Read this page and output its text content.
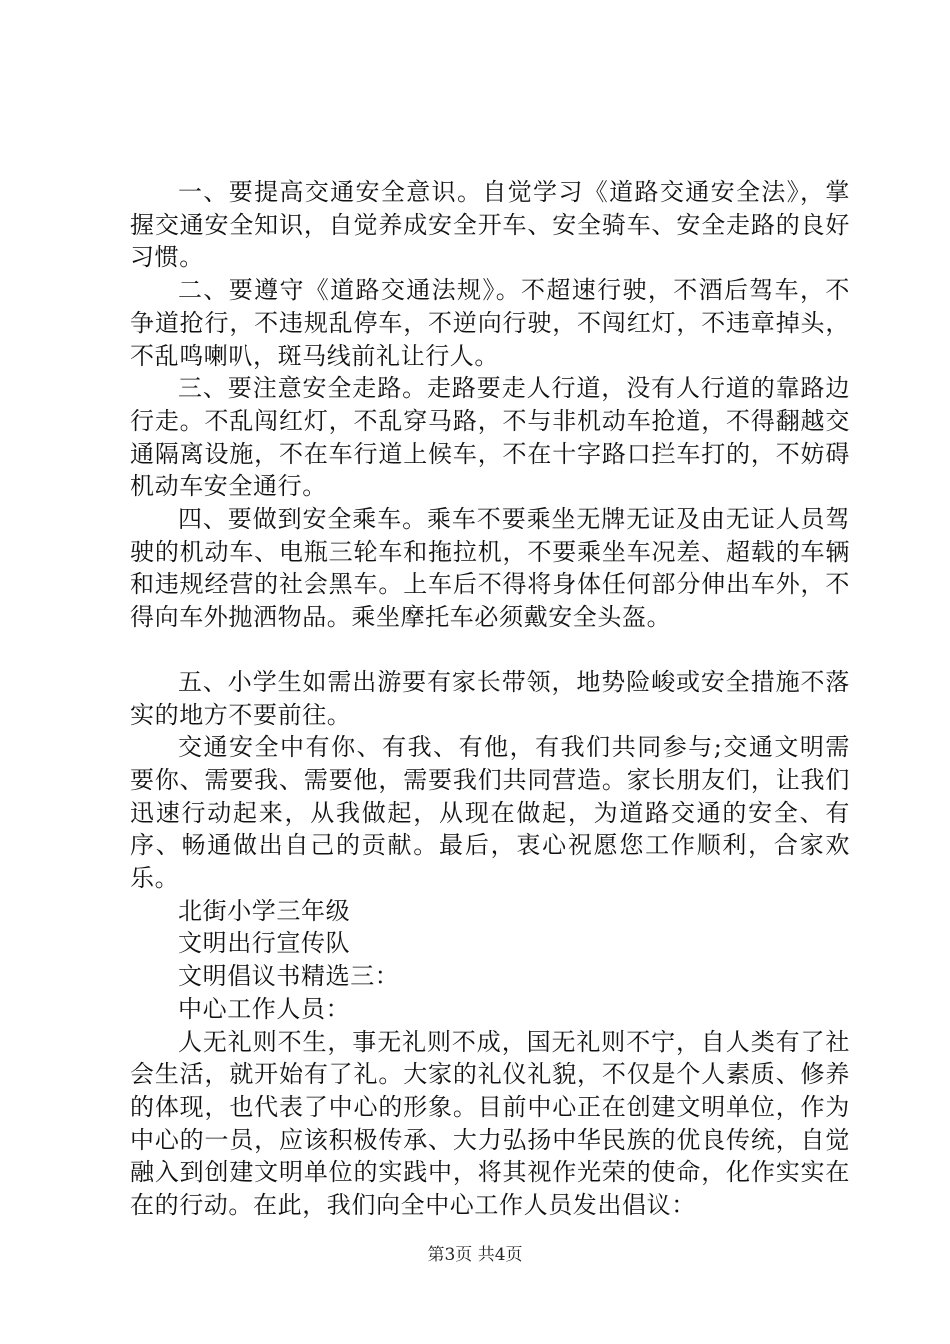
一、要提高交通安全意识。自觉学习《道路交通安全法》，掌握交通安全知识，自觉养成安全开车、安全骑车、安全走路的良好习惯。

二、要遵守《道路交通法规》。不超速行驶，不酒后驾车，不争道抢行，不违规乱停车，不逆向行驶，不闯红灯，不违章掉头，不乱鸣喇叭，斑马线前礼让行人。

三、要注意安全走路。走路要走人行道，没有人行道的靠路边行走。不乱闯红灯，不乱穿马路，不与非机动车抢道，不得翻越交通隔离设施，不在车行道上候车，不在十字路口拦车打的，不妨碍机动车安全通行。

四、要做到安全乘车。乘车不要乘坐无牌无证及由无证人员驾驶的机动车、电瓶三轮车和拖拉机，不要乘坐车况差、超载的车辆和违规经营的社会黑车。上车后不得将身体任何部分伸出车外，不得向车外抛洒物品。乘坐摩托车必须戴安全头盔。

五、小学生如需出游要有家长带领，地势险峻或安全措施不落实的地方不要前往。

交通安全中有你、有我、有他，有我们共同参与;交通文明需要你、需要我、需要他，需要我们共同营造。家长朋友们，让我们迅速行动起来，从我做起，从现在做起，为道路交通的安全、有序、畅通做出自己的贡献。最后，衷心祝愿您工作顺利，合家欢乐。

北街小学三年级

文明出行宣传队

文明倡议书精选三：

中心工作人员：

人无礼则不生，事无礼则不成，国无礼则不宁，自人类有了社会生活，就开始有了礼。大家的礼仪礼貌，不仅是个人素质、修养的体现，也代表了中心的形象。目前中心正在创建文明单位，作为中心的一员，应该积极传承、大力弘扬中华民族的优良传统，自觉融入到创建文明单位的实践中，将其视作光荣的使命，化作实实在在的行动。在此，我们向全中心工作人员发出倡议：

第3页 共4页
